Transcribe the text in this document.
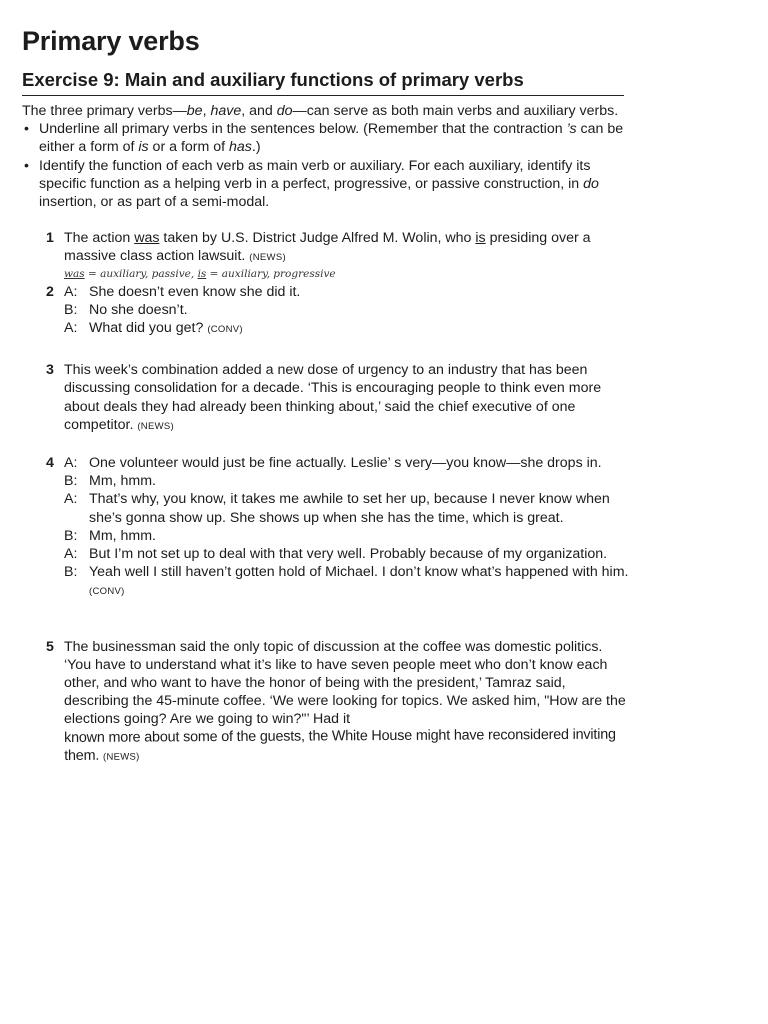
Primary verbs
Exercise 9: Main and auxiliary functions of primary verbs

The three primary verbs—be, have, and do—can serve as both main verbs and auxiliary verbs.

• Underline all primary verbs in the sentences below. (Remember that the contraction ’s can be either a form of is or a form of has.)
• Identify the function of each verb as main verb or auxiliary. For each auxiliary, identify its specific function as a helping verb in a perfect, progressive, or passive construction, in do insertion, or as part of a semi-modal.
1 The action was taken by U.S. District Judge Alfred M. Wolin, who is presiding over a massive class action lawsuit. (NEWS)
was = auxiliary, passive, is = auxiliary, progressive
2 A: She doesn’t even know she did it.
B: No she doesn’t.
A: What did you get? (CONV)
3 This week’s combination added a new dose of urgency to an industry that has been discussing consolidation for a decade. ‘This is encouraging people to think even more about deals they had already been thinking about,’ said the chief executive of one competitor. (NEWS)
4 A: One volunteer would just be fine actually. Leslie’ s very—you know—she drops in.
B: Mm, hmm.
A: That’s why, you know, it takes me awhile to set her up, because I never know when she’s gonna show up. She shows up when she has the time, which is great.
B: Mm, hmm.
A: But I’m not set up to deal with that very well. Probably because of my organization.
B: Yeah well I still haven’t gotten hold of Michael. I don’t know what’s happened with him. (CONV)
5 The businessman said the only topic of discussion at the coffee was domestic politics. ‘You have to understand what it’s like to have seven people meet who don’t know each other, and who want to have the honor of being with the president,’ Tamraz said, describing the 45-minute coffee. ‘We were looking for topics. We asked him, "How are the elections going? Are we going to win?"’ Had it
known more about some of the guests, the White House might have reconsidered inviting them. (NEWS)
